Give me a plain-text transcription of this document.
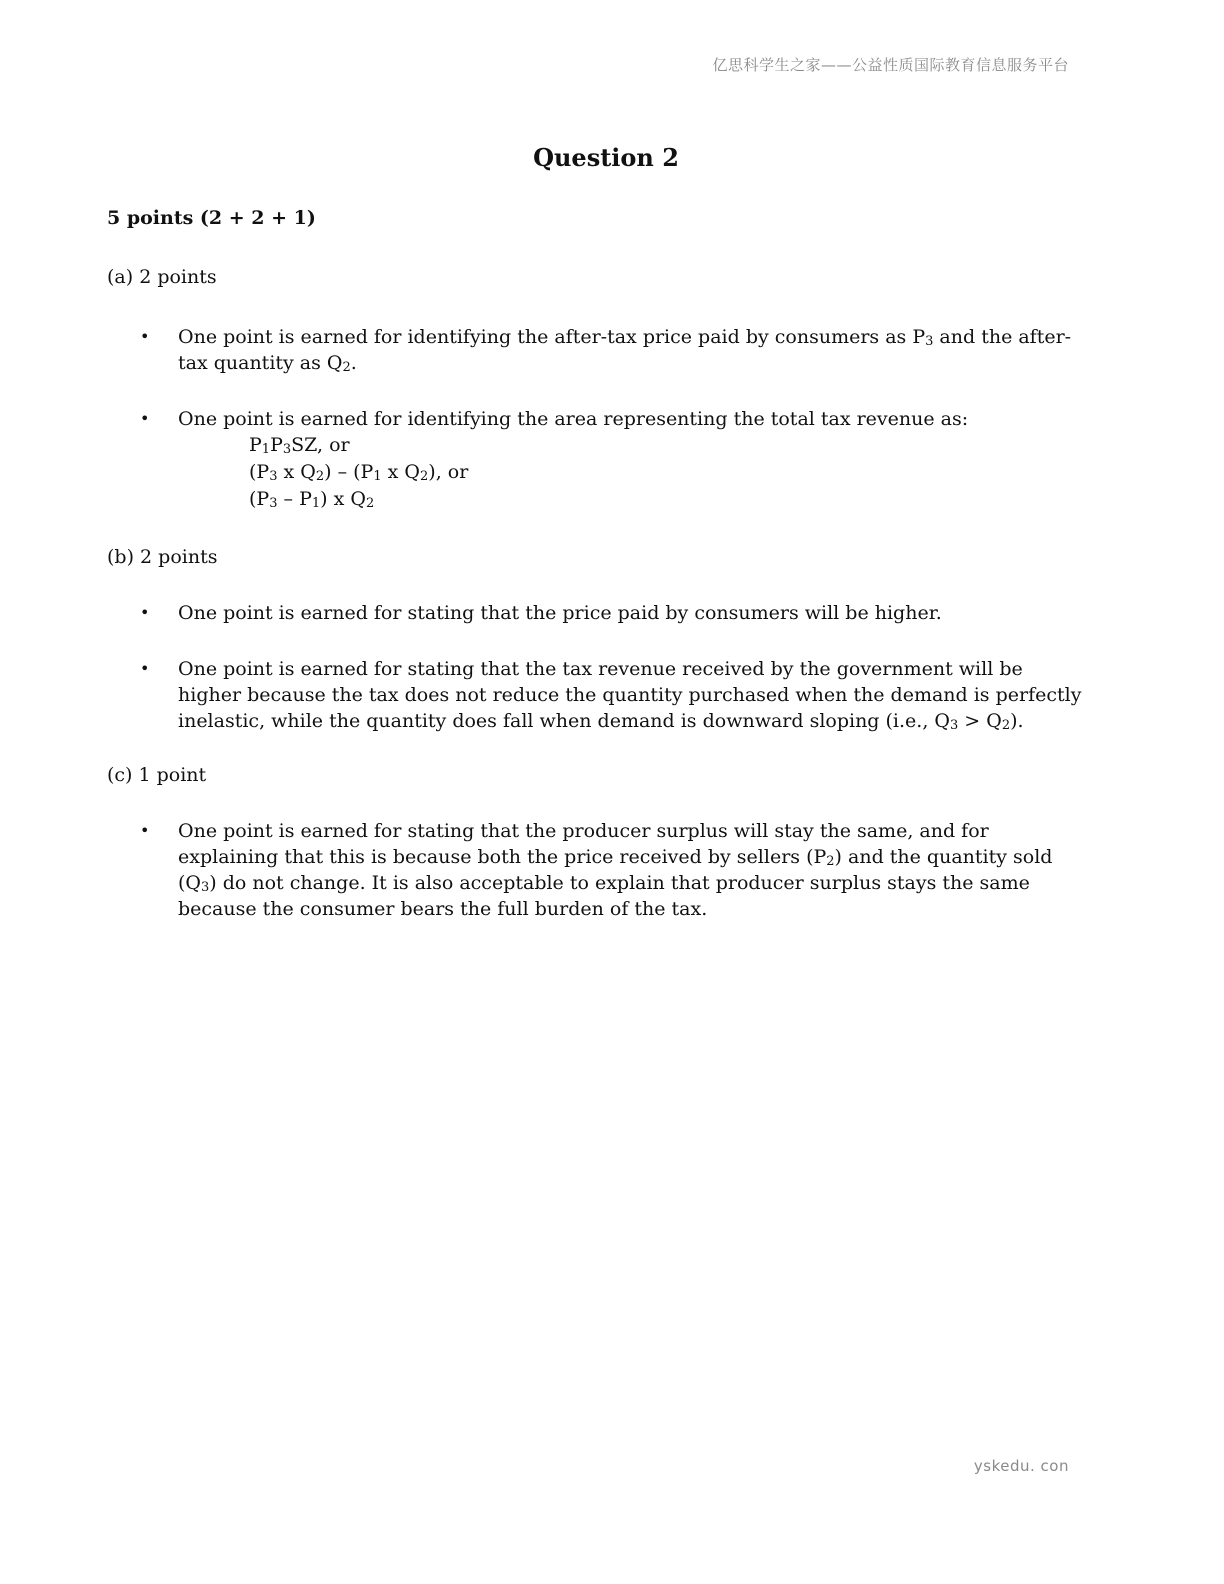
亿思科学生之家——公益性质国际教育信息服务平台
Question 2

5 points (2 + 2 + 1)

(a) 2 points

•	One point is earned for identifying the after-tax price paid by consumers as $P_3$ and the after-tax quantity as $Q_2$.
•	One point is earned for identifying the area representing the total tax revenue as:
$P_1P_3SZ$, or
($P_3$ x $Q_2) - (P_1$ x $Q_2$), or
$(P_3 - P_1)$ x $Q_2$

(b) 2 points

•	One point is earned for stating that the price paid by consumers will be higher.
•	One point is earned for stating that the tax revenue received by the government will be higher because the tax does not reduce the quantity purchased when the demand is perfectly inelastic, while the quantity does fall when demand is downward sloping (i.e., $Q_3 > Q_2$).

(c) 1 point

•	One point is earned for stating that the producer surplus will stay the same, and for explaining that this is because both the price received by sellers $(P_2)$ and the quantity sold $(Q_3)$ do not change. It is also acceptable to explain that producer surplus stays the same because the consumer bears the full burden of the tax.
yskedu. con
